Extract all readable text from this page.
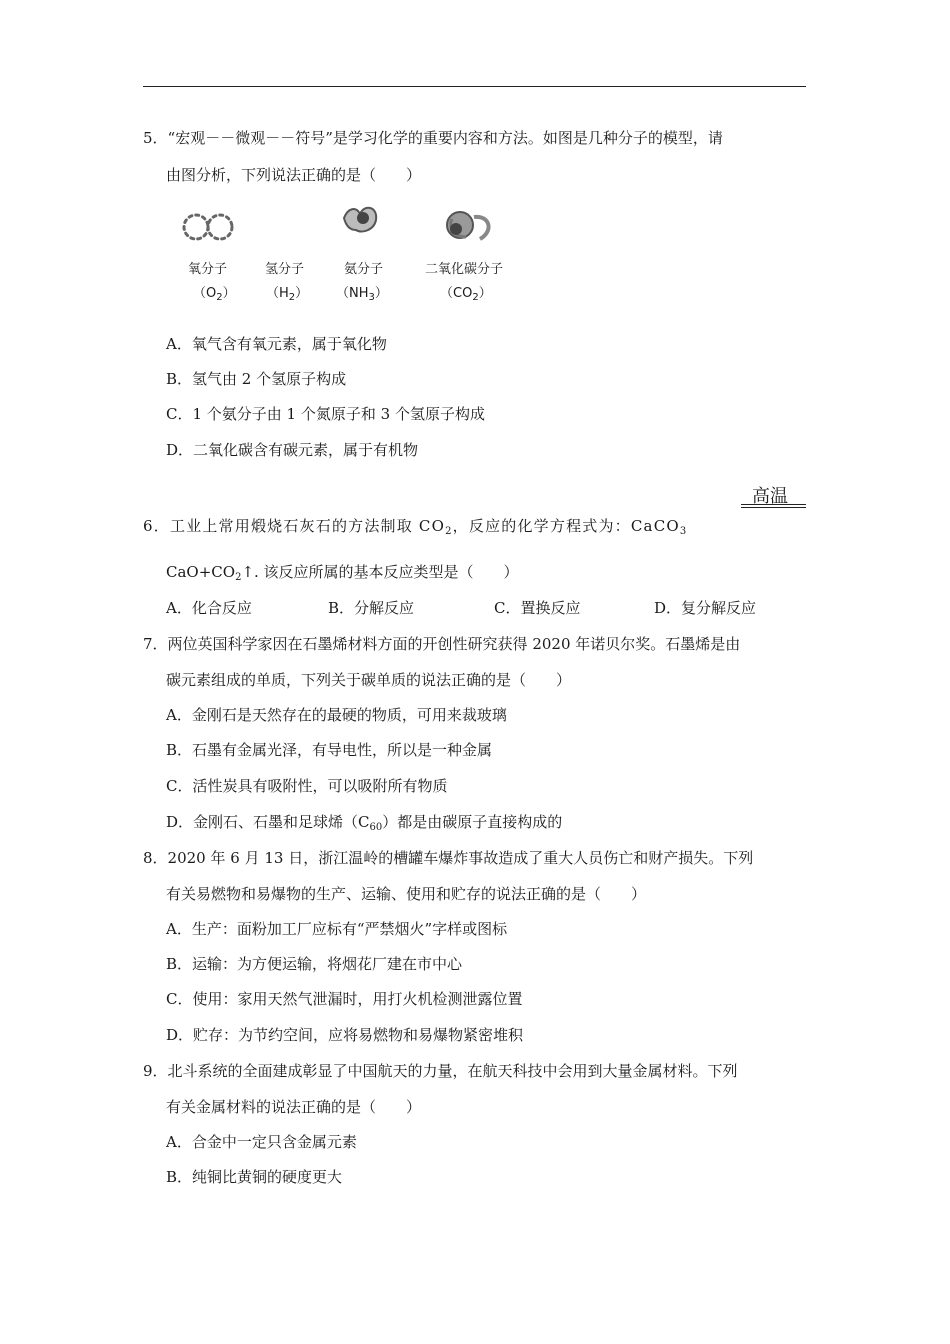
5．“宏观－－微观－－符号”是学习化学的重要内容和方法。如图是几种分子的模型，请
由图分析，下列说法正确的是（　　）
氧分子	氢分子	氨分子	二氧化碳分子
$(O_2)$ $(H_2)$ $(NH_3)$	$(CO_2)$
A．氧气含有氧元素，属于氧化物
B．氢气由 2 个氢原子构成
C．1 个氨分子由 1 个氮原子和 3 个氢原子构成
D．二氧化碳含有碳元素，属于有机物
高温
6．工业上常用煅烧石灰石的方法制取 $CO_2$，反应的化学方程式为：CaCO$_3$
$CaO+CO_2↑$. 该反应所属的基本反应类型是（　　）
A．化合反应	B．分解反应	C．置换反应	D．复分解反应
7．两位英国科学家因在石墨烯材料方面的开创性研究获得 2020 年诺贝尔奖。石墨烯是由
碳元素组成的单质，下列关于碳单质的说法正确的是（　　）
A．金刚石是天然存在的最硬的物质，可用来裁玻璃
B．石墨有金属光泽，有导电性，所以是一种金属
C．活性炭具有吸附性，可以吸附所有物质
D．金刚石、石墨和足球烯$(C_{60})$都是由碳原子直接构成的
8．2020 年 6 月 13 日，浙江温岭的槽罐车爆炸事故造成了重大人员伤亡和财产损失。下列
有关易燃物和易爆物的生产、运输、使用和贮存的说法正确的是（　　）
A．生产：面粉加工厂应标有“严禁烟火”字样或图标
B．运输：为方便运输，将烟花厂建在市中心
C．使用：家用天然气泄漏时，用打火机检测泄露位置
D．贮存：为节约空间，应将易燃物和易爆物紧密堆积
9．北斗系统的全面建成彰显了中国航天的力量，在航天科技中会用到大量金属材料。下列
有关金属材料的说法正确的是（　　）
A．合金中一定只含金属元素
B．纯铜比黄铜的硬度更大
